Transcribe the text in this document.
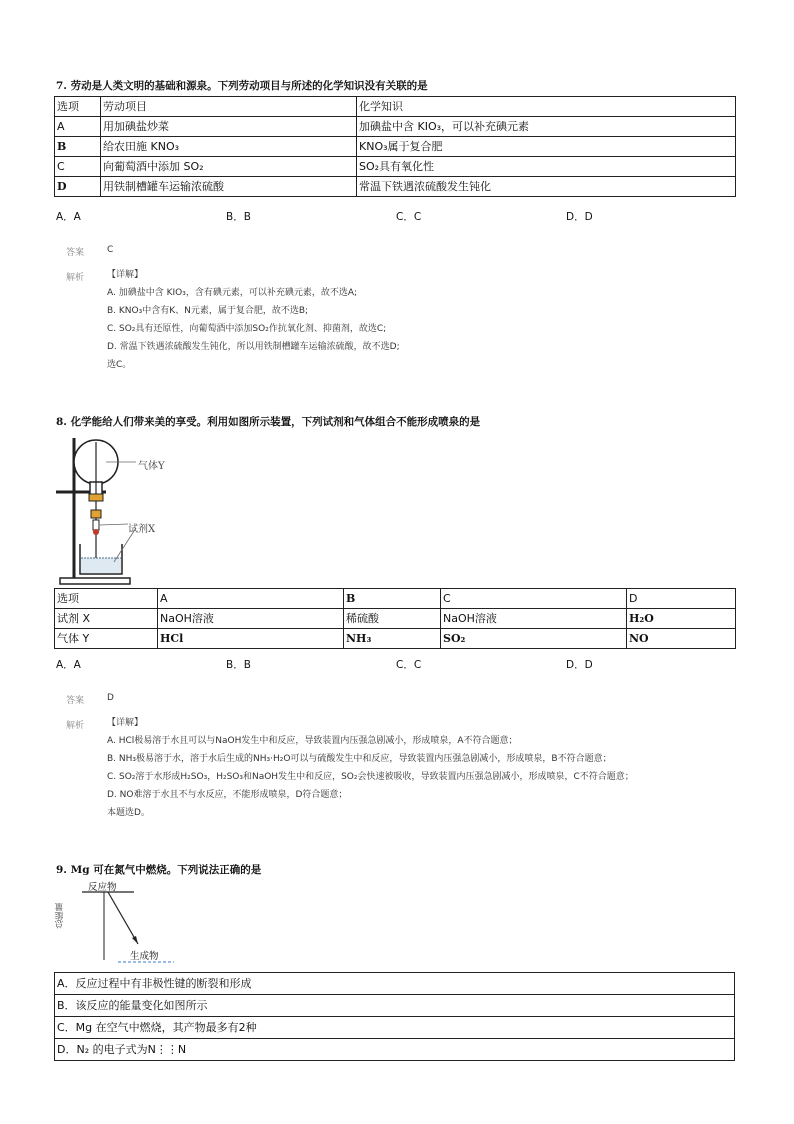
7. 劳动是人类文明的基础和源泉。下列劳动项目与所述的化学知识没有关联的是
选项	劳动项目	化学知识
A	用加碘盐炒菜	加碘盐中含 KIO₃，可以补充碘元素
B	给农田施 KNO₃	KNO₃属于复合肥
C	向葡萄酒中添加 SO₂	SO₂具有氧化性
D	用铁制槽罐车运输浓硫酸	常温下铁遇浓硫酸发生钝化
A．A	B．B	C．C	D．D
答案	C
解析	【详解】
A. 加碘盐中含 KIO₃，含有碘元素，可以补充碘元素，故不选A;
B. KNO₃中含有K、N元素，属于复合肥，故不选B;
C. SO₂具有还原性，向葡萄酒中添加SO₂作抗氧化剂、抑菌剂，故选C;
D. 常温下铁遇浓硫酸发生钝化，所以用铁制槽罐车运输浓硫酸，故不选D;
选C。
8. 化学能给人们带来美的享受。利用如图所示装置，下列试剂和气体组合不能形成喷泉的是
气体Y
试剂X
选项	A	B	C	D
试剂 X	NaOH溶液	稀硫酸	NaOH溶液	H₂O
气体 Y	HCl	NH₃	SO₂	NO
A．A	B．B	C．C	D．D
答案	D
解析	【详解】
A. HCl极易溶于水且可以与NaOH发生中和反应，导致装置内压强急剧减小，形成喷泉，A不符合题意；
B. NH₃极易溶于水，溶于水后生成的NH₃·H₂O可以与硫酸发生中和反应，导致装置内压强急剧减小，形成喷泉，B不符合题意；
C. SO₂溶于水形成H₂SO₃，H₂SO₃和NaOH发生中和反应，SO₂会快速被吸收，导致装置内压强急剧减小，形成喷泉，C不符合题意；
D. NO难溶于水且不与水反应，不能形成喷泉，D符合题意；
本题选D。
9. Mg 可在氮气中燃烧。下列说法正确的是
反应物
生成物
总能量
A．反应过程中有非极性键的断裂和形成
B．该反应的能量变化如图所示
C．Mg 在空气中燃烧，其产物最多有2种
D．N₂ 的电子式为N⋮⋮N
